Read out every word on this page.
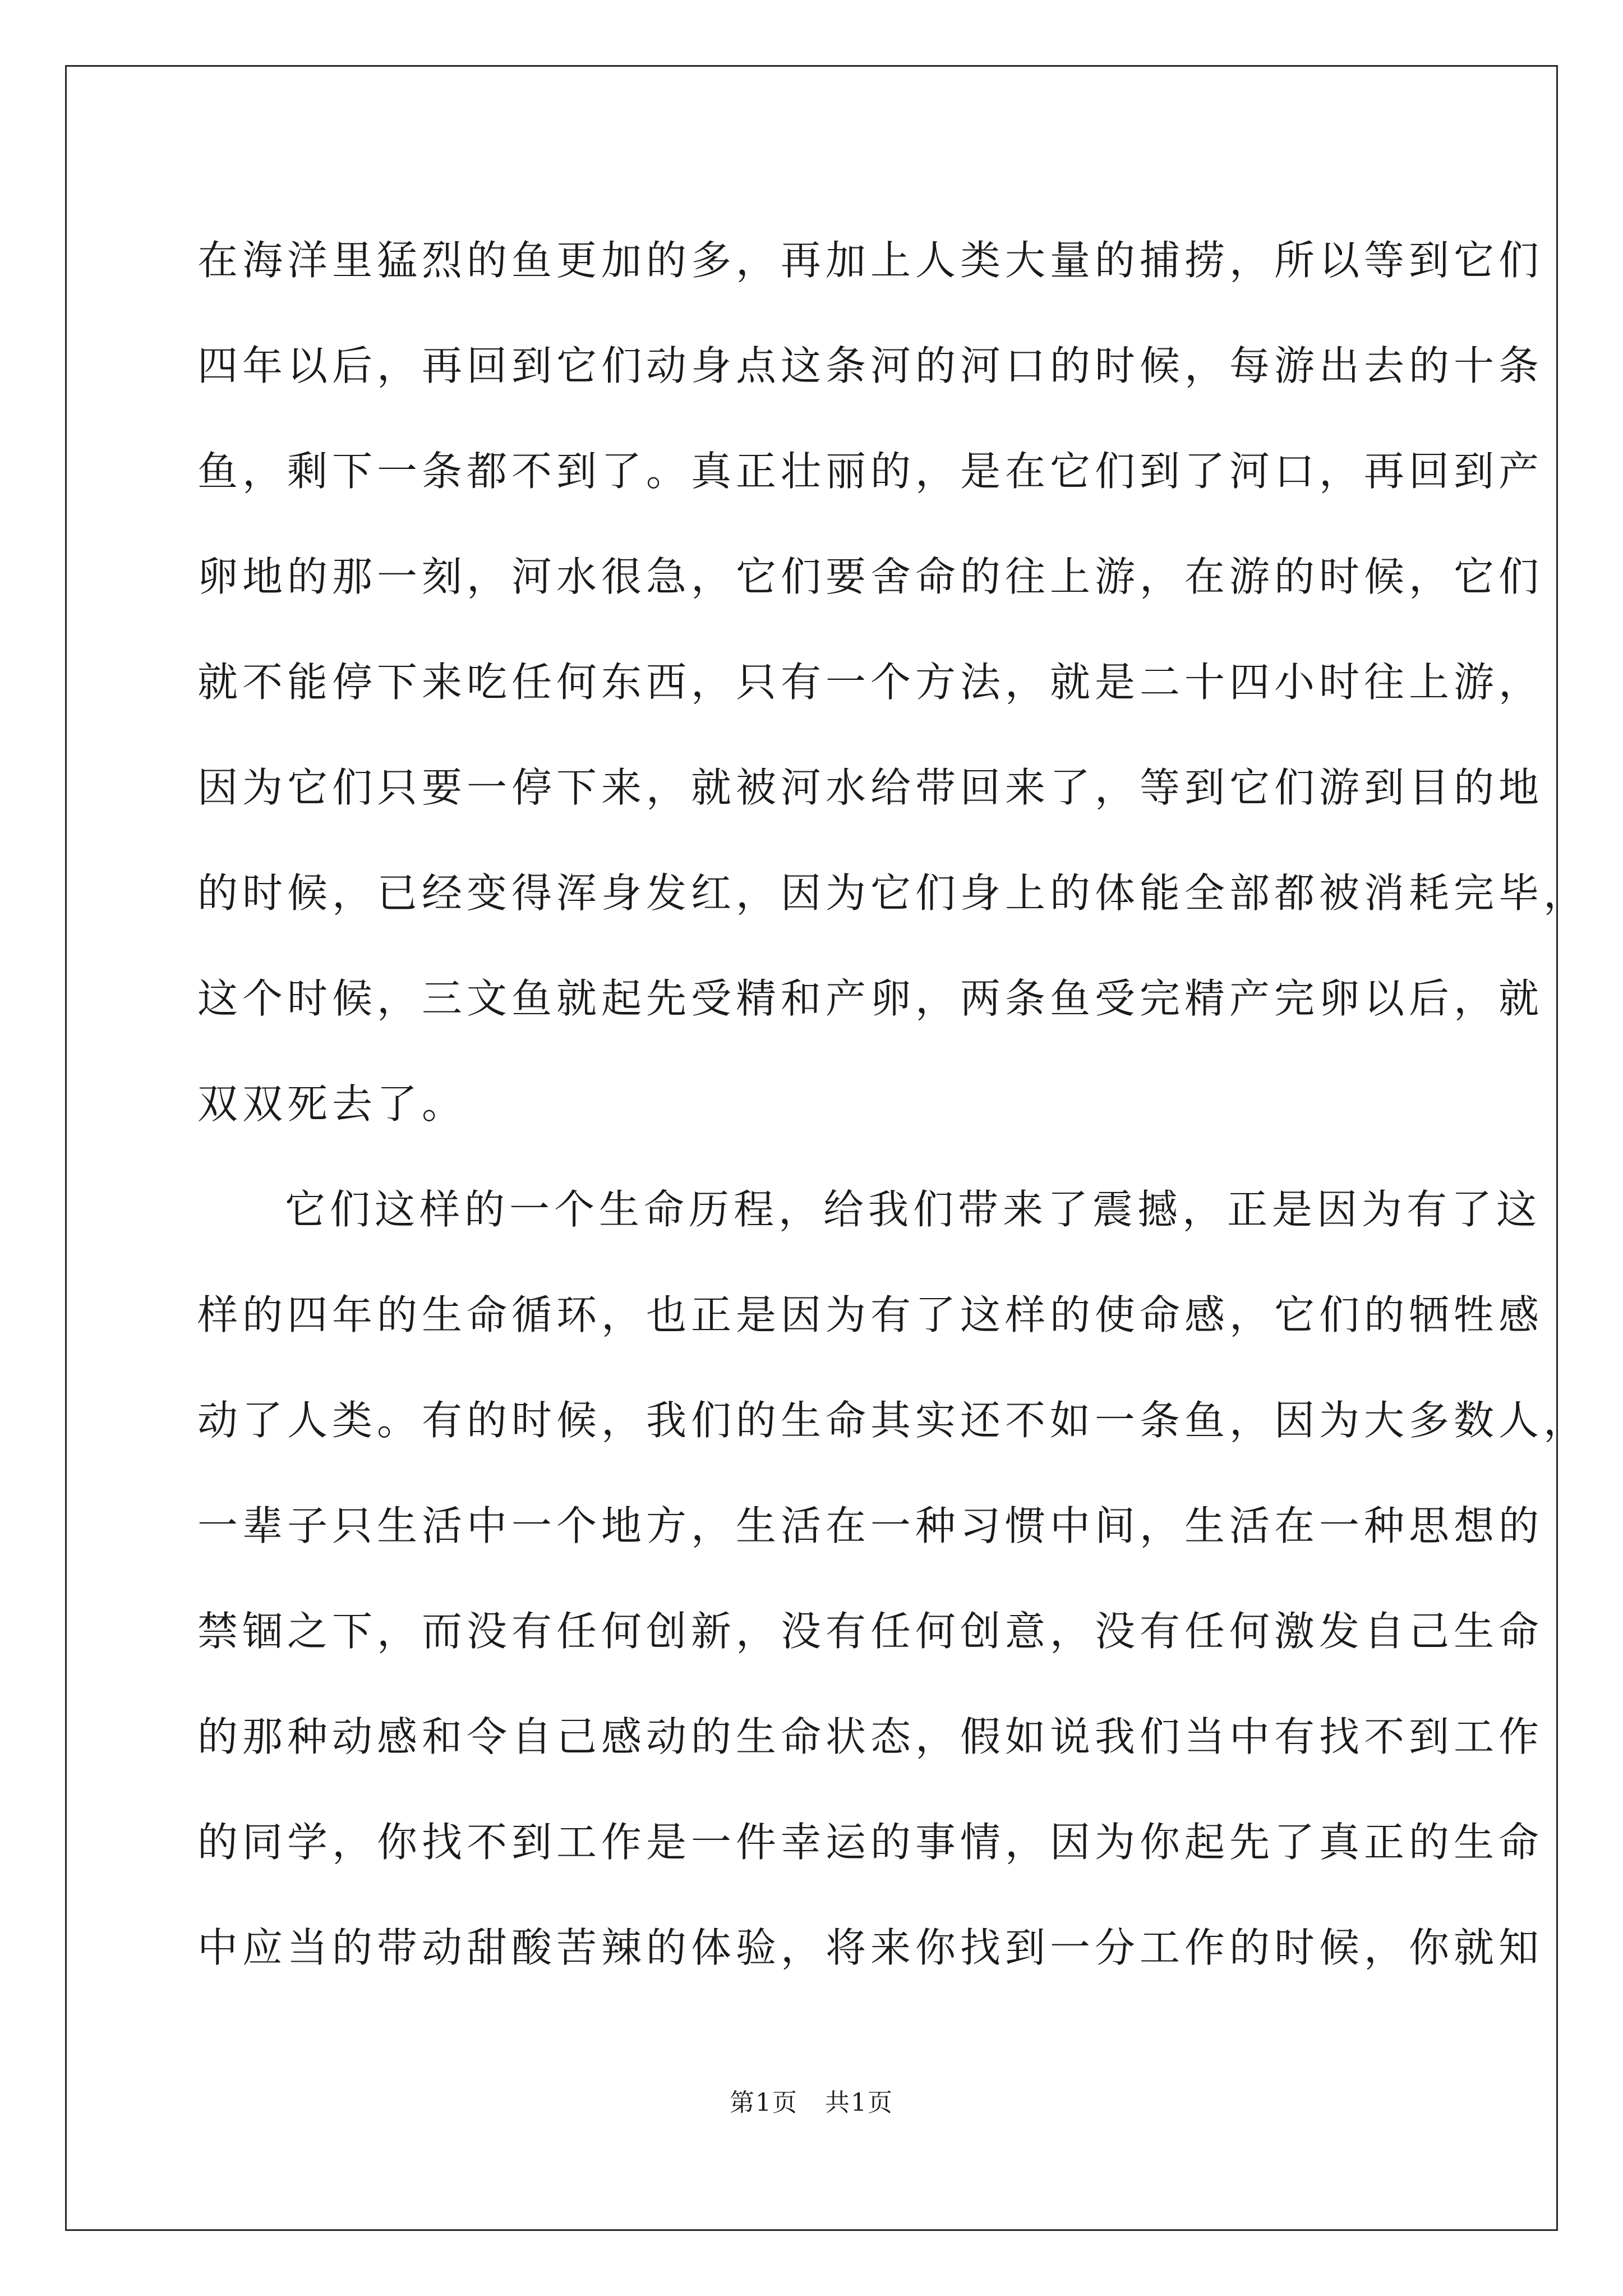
在海洋里猛烈的鱼更加的多，再加上人类大量的捕捞，所以等到它们
四年以后，再回到它们动身点这条河的河口的时候，每游出去的十条
鱼，剩下一条都不到了。真正壮丽的，是在它们到了河口，再回到产
卵地的那一刻，河水很急，它们要舍命的往上游，在游的时候，它们
就不能停下来吃任何东西，只有一个方法，就是二十四小时往上游，
因为它们只要一停下来，就被河水给带回来了，等到它们游到目的地
的时候，已经变得浑身发红，因为它们身上的体能全部都被消耗完毕，
这个时候，三文鱼就起先受精和产卵，两条鱼受完精产完卵以后，就
双双死去了。
它们这样的一个生命历程，给我们带来了震撼，正是因为有了这
样的四年的生命循环，也正是因为有了这样的使命感，它们的牺牲感
动了人类。有的时候，我们的生命其实还不如一条鱼，因为大多数人，
一辈子只生活中一个地方，生活在一种习惯中间，生活在一种思想的
禁锢之下，而没有任何创新，没有任何创意，没有任何激发自己生命
的那种动感和令自己感动的生命状态，假如说我们当中有找不到工作
的同学，你找不到工作是一件幸运的事情，因为你起先了真正的生命
中应当的带动甜酸苦辣的体验，将来你找到一分工作的时候，你就知
第1页   共1页
